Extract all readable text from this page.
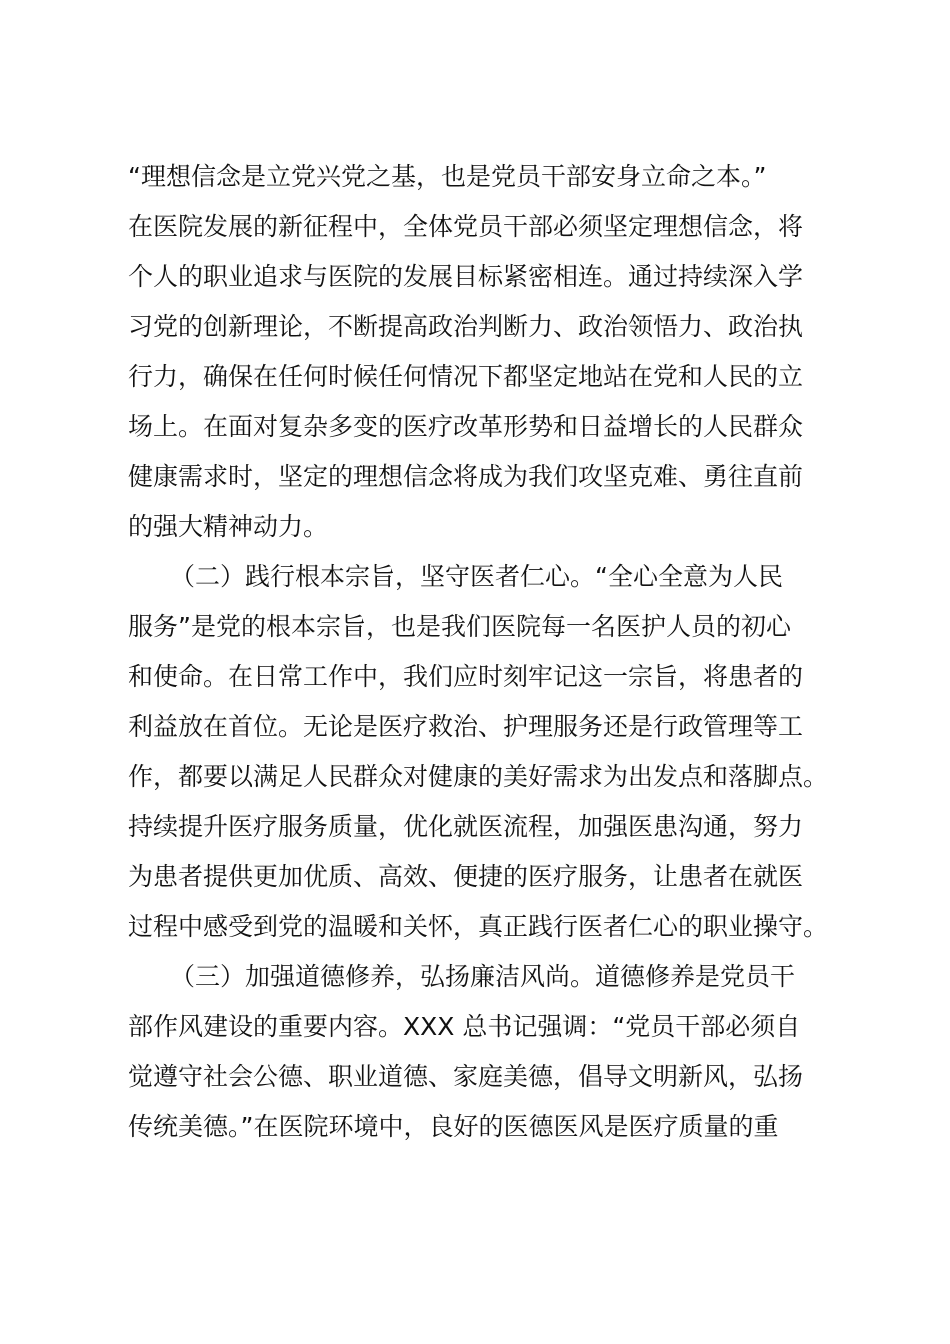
“理想信念是立党兴党之基，也是党员干部安身立命之本。”
在医院发展的新征程中，全体党员干部必须坚定理想信念，将
个人的职业追求与医院的发展目标紧密相连。通过持续深入学
习党的创新理论，不断提高政治判断力、政治领悟力、政治执
行力，确保在任何时候任何情况下都坚定地站在党和人民的立
场上。在面对复杂多变的医疗改革形势和日益增长的人民群众
健康需求时，坚定的理想信念将成为我们攻坚克难、勇往直前
的强大精神动力。
（二）践行根本宗旨，坚守医者仁心。“全心全意为人民
服务”是党的根本宗旨，也是我们医院每一名医护人员的初心
和使命。在日常工作中，我们应时刻牢记这一宗旨，将患者的
利益放在首位。无论是医疗救治、护理服务还是行政管理等工
作，都要以满足人民群众对健康的美好需求为出发点和落脚点。
持续提升医疗服务质量，优化就医流程，加强医患沟通，努力
为患者提供更加优质、高效、便捷的医疗服务，让患者在就医
过程中感受到党的温暖和关怀，真正践行医者仁心的职业操守。
（三）加强道德修养，弘扬廉洁风尚。道德修养是党员干
部作风建设的重要内容。XXX 总书记强调：“党员干部必须自
觉遵守社会公德、职业道德、家庭美德，倡导文明新风，弘扬
传统美德。”在医院环境中，良好的医德医风是医疗质量的重
